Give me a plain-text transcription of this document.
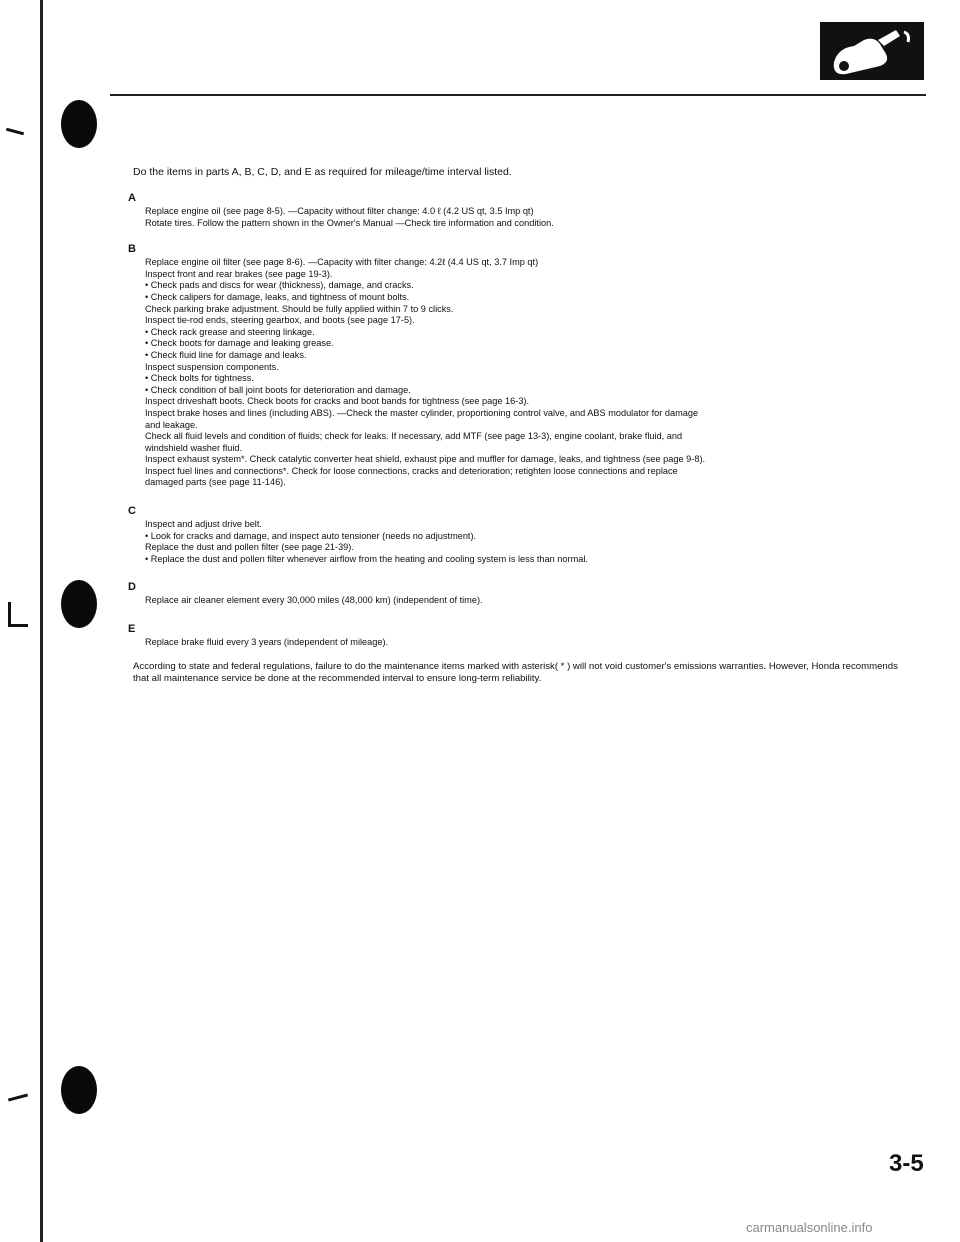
Do the items in parts A, B, C, D, and E as required for mileage/time interval listed.

A
Replace engine oil (see page 8-5). —Capacity without filter change: 4.0 ℓ (4.2 US qt, 3.5 Imp qt)
Rotate tires. Follow the pattern shown in the Owner's Manual —Check tire information and condition.
B
Replace engine oil filter (see page 8-6). —Capacity with filter change: 4.2ℓ (4.4 US qt, 3.7 Imp qt)
Inspect front and rear brakes (see page 19-3).
• Check pads and discs for wear (thickness), damage, and cracks.
• Check calipers for damage, leaks, and tightness of mount bolts.
Check parking brake adjustment. Should be fully applied within 7 to 9 clicks.
Inspect tie-rod ends, steering gearbox, and boots (see page 17-5).
• Check rack grease and steering linkage.
• Check boots for damage and leaking grease.
• Check fluid line for damage and leaks.
Inspect suspension components.
• Check bolts for tightness.
• Check condition of ball joint boots for deterioration and damage.
Inspect driveshaft boots. Check boots for cracks and boot bands for tightness (see page 16-3).
Inspect brake hoses and lines (including ABS). —Check the master cylinder, proportioning control valve, and ABS modulator for damage
and leakage.
Check all fluid levels and condition of fluids; check for leaks. If necessary, add MTF (see page 13-3), engine coolant, brake fluid, and
windshield washer fluid.
Inspect exhaust system*. Check catalytic converter heat shield, exhaust pipe and muffler for damage, leaks, and tightness (see page 9-8).
Inspect fuel lines and connections*. Check for loose connections, cracks and deterioration; retighten loose connections and replace
damaged parts (see page 11-146).
C
Inspect and adjust drive belt.
• Look for cracks and damage, and inspect auto tensioner (needs no adjustment).
Replace the dust and pollen filter (see page 21-39).
• Replace the dust and pollen filter whenever airflow from the heating and cooling system is less than normal.
D
Replace air cleaner element every 30,000 miles (48,000 km) (independent of time).
E
Replace brake fluid every 3 years (independent of mileage).

According to state and federal regulations, failure to do the maintenance items marked with asterisk( * ) will not void customer's emissions warranties. However, Honda recommends that all maintenance service be done at the recommended interval to ensure long-term reliability.

3-5
carmanualsonline.info
